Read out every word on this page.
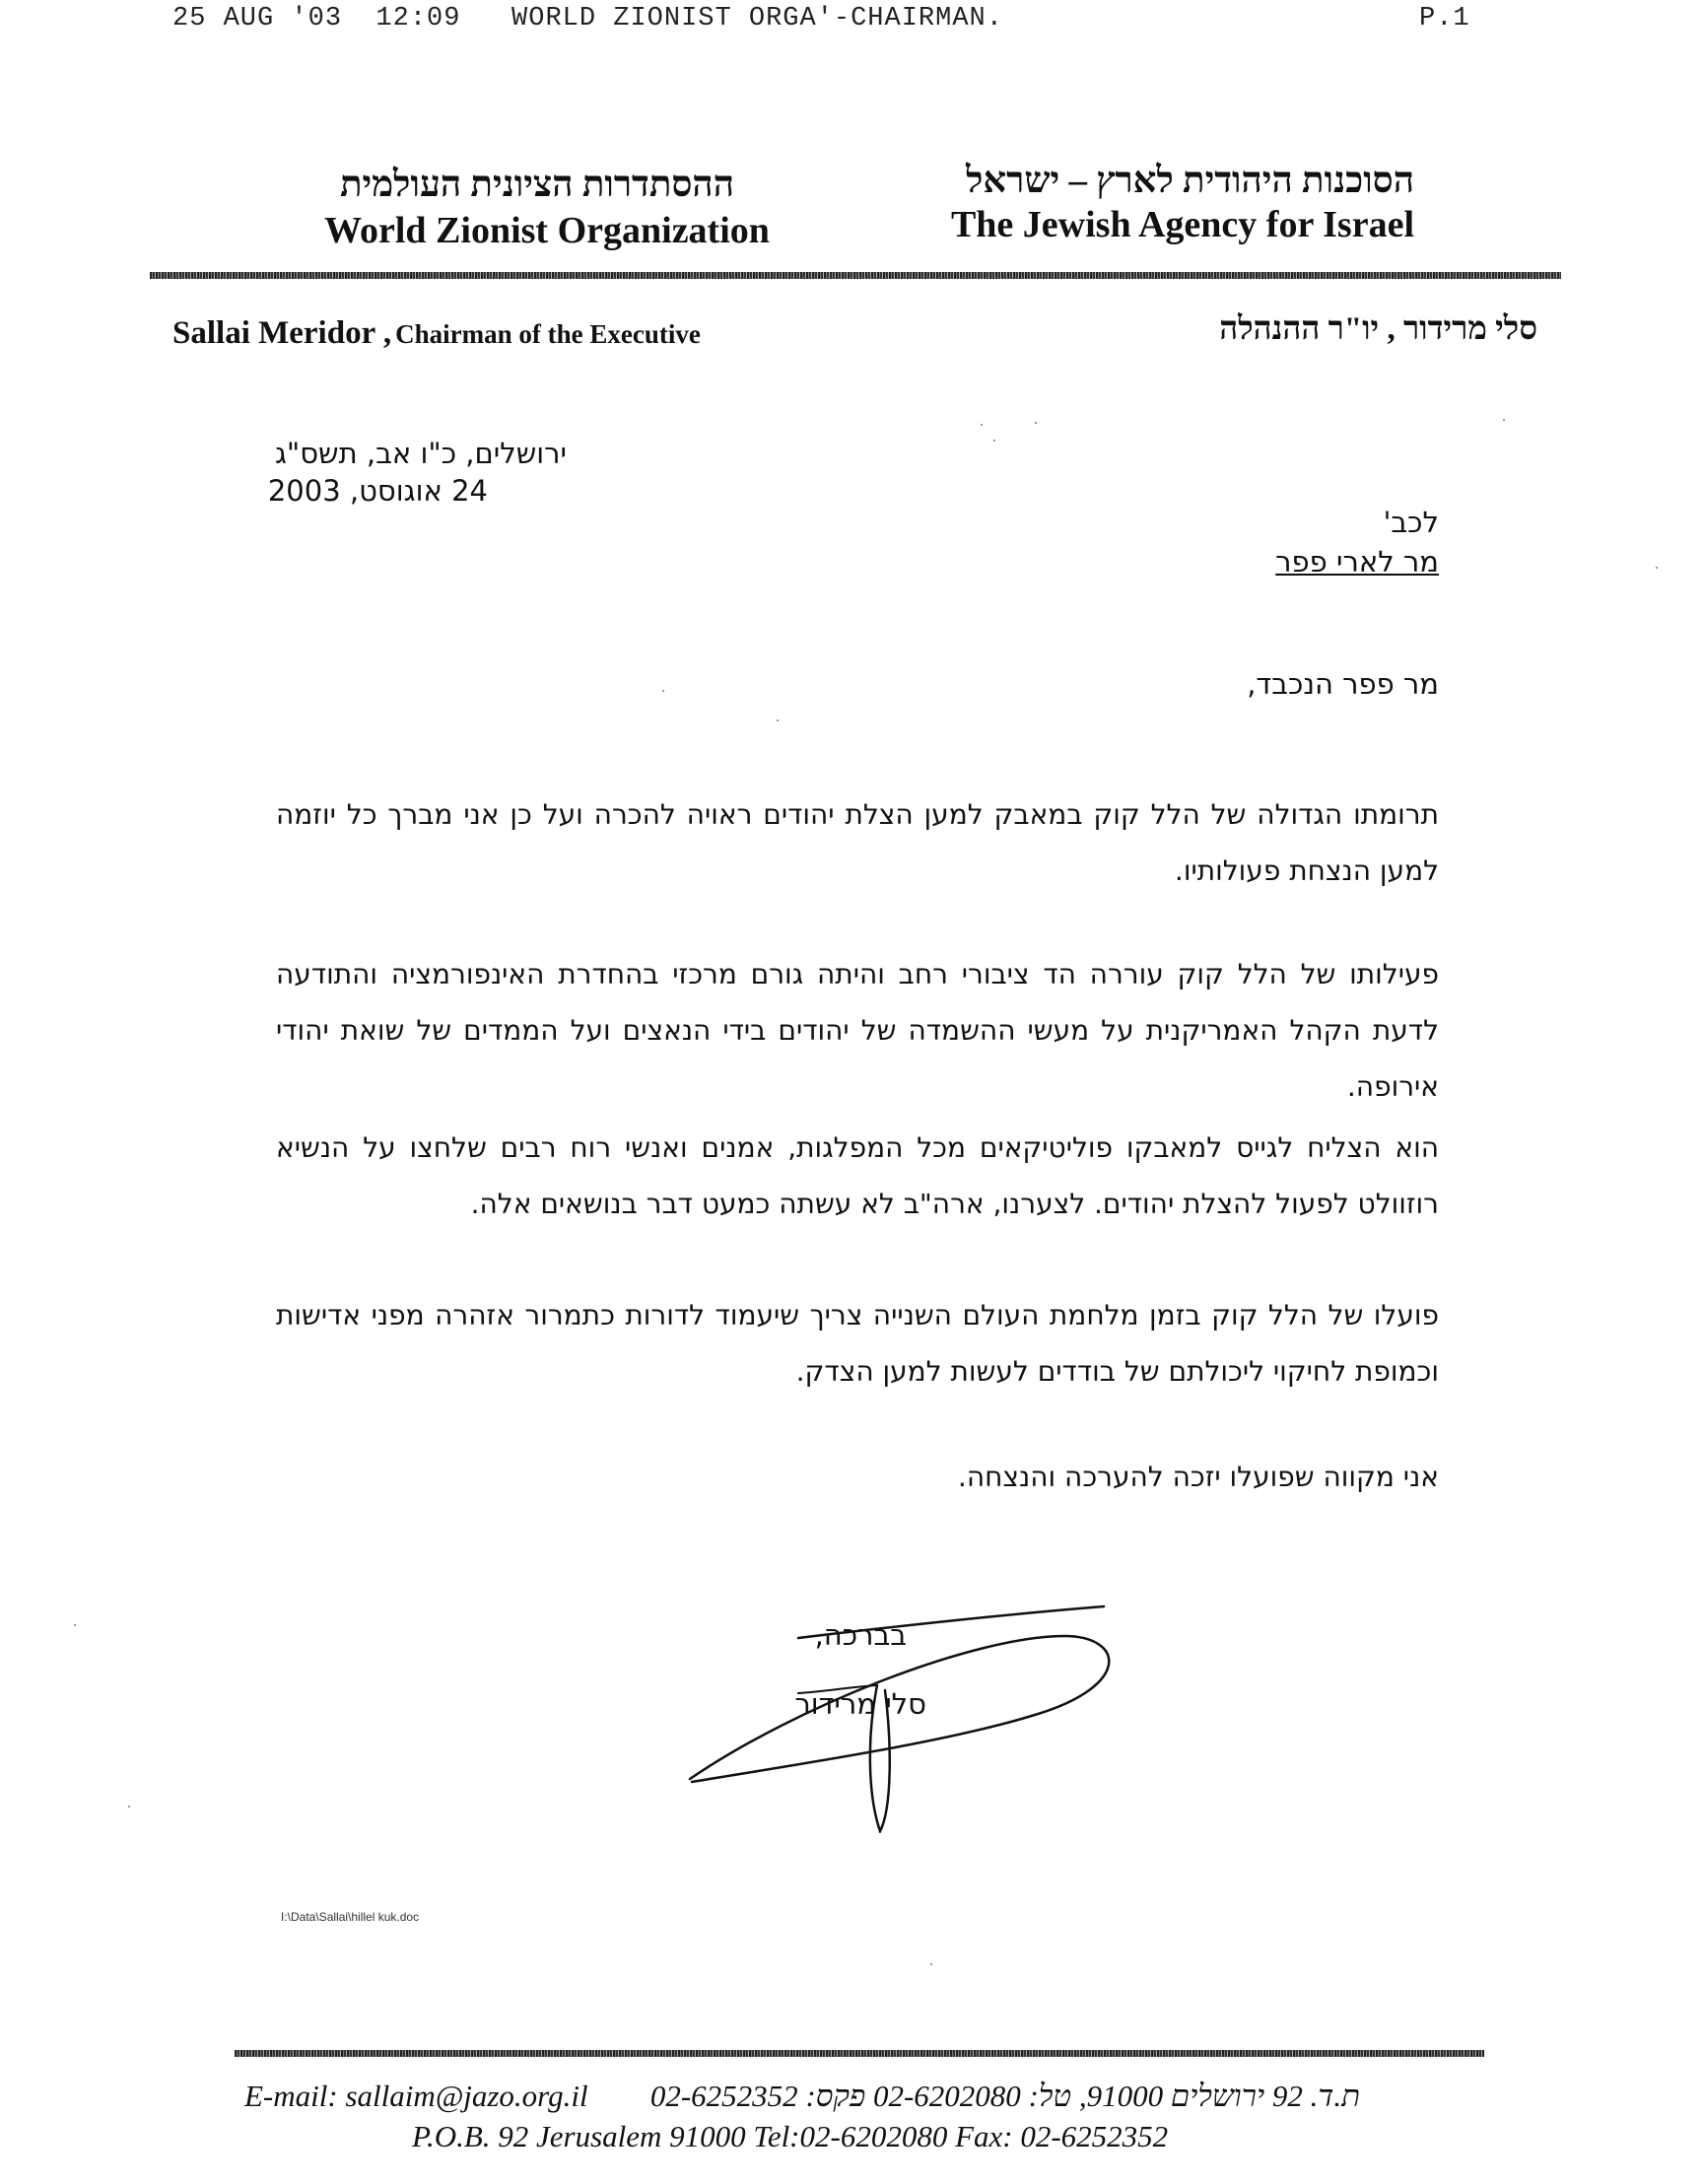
25 AUG '03  12:09   WORLD ZIONIST ORGA'-CHAIRMAN.	P.1
ההסתדרות הציונית העולמית
World Zionist Organization
הסוכנות היהודית לארץ – ישראל
The Jewish Agency for Israel
Sallai Meridor , Chairman of the Executive	סלי מרידור , יו"ר ההנהלה
ירושלים, כ"ו אב, תשס"ג
24 אוגוסט, 2003
לכב'
מר לארי פפר
מר פפר הנכבד,
תרומתו הגדולה של הלל קוק במאבק למען הצלת יהודים ראויה להכרה ועל כן אני מברך כל יוזמה למען הנצחת פעולותיו.
פעילותו של הלל קוק עוררה הד ציבורי רחב והיתה גורם מרכזי בהחדרת האינפורמציה והתודעה לדעת הקהל האמריקנית על מעשי ההשמדה של יהודים בידי הנאצים ועל הממדים של שואת יהודי אירופה.
הוא הצליח לגייס למאבקו פוליטיקאים מכל המפלגות, אמנים ואנשי רוח רבים שלחצו על הנשיא רוזוולט לפעול להצלת יהודים. לצערנו, ארה"ב לא עשתה כמעט דבר בנושאים אלה.
פועלו של הלל קוק בזמן מלחמת העולם השנייה צריך שיעמוד לדורות כתמרור אזהרה מפני אדישות וכמופת לחיקוי ליכולתם של בודדים לעשות למען הצדק.
אני מקווה שפועלו יזכה להערכה והנצחה.
בברכה,
סלי מרידור
I:\Data\Sallai\hillel kuk.doc
E-mail: sallaim@jazo.org.il ת.ד. 92 ירושלים 91000, טל: 02-6202080 פקס: 02-6252352
P.O.B. 92 Jerusalem 91000 Tel:02-6202080 Fax: 02-6252352
